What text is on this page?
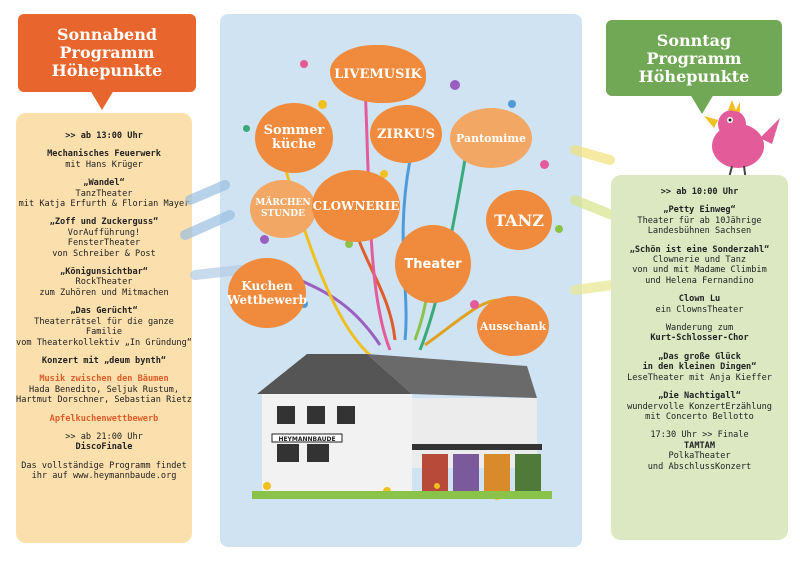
Sonnabend
Programm
Höhepunkte
>> ab 13:00 Uhr
Mechanisches Feuerwerk
mit Hans Krüger
„Wandel“
TanzTheater
mit Katja Erfurth & Florian Mayer
„Zoff und Zuckerguss“
VorAufführung!
FensterTheater
von Schreiber & Post
„Königunsichtbar“
RockTheater
zum Zuhören und Mitmachen
„Das Gerücht“
Theaterrätsel für die ganze Familie
vom Theaterkollektiv „In Gründung“
Konzert mit „deum bynth“
Musik zwischen den Bäumen
Hada Benedito, Seljuk Rustum,
Hartmut Dorschner, Sebastian Rietz
Apfelkuchenwettbewerb
>> ab 21:00 Uhr
DiscoFinale
Das vollständige Programm findet
ihr auf www.heymannbaude.org
LIVEMUSIK
Sommer
küche
ZIRKUS Pantomime
MÄRCHEN
STUNDE
CLOWNERIE
TANZ
Theater
Kuchen
Wettbewerb
Ausschank
HEYMANNBAUDE
Sonntag
Programm
Höhepunkte
>> ab 10:00 Uhr
„Petty Einweg“
Theater für ab 10Jährige
Landesbühnen Sachsen
„Schön ist eine Sonderzahl“
Clownerie und Tanz
von und mit Madame Climbim
und Helena Fernandino
Clown Lu
ein ClownsTheater
Wanderung zum
Kurt-Schlosser-Chor
„Das große Glück
in den kleinen Dingen“
LeseTheater mit Anja Kieffer
„Die Nachtigall“
wundervolle KonzertErzählung
mit Concerto Bellotto
17:30 Uhr >> Finale
TAMTAM
PolkaTheater
und AbschlussKonzert
